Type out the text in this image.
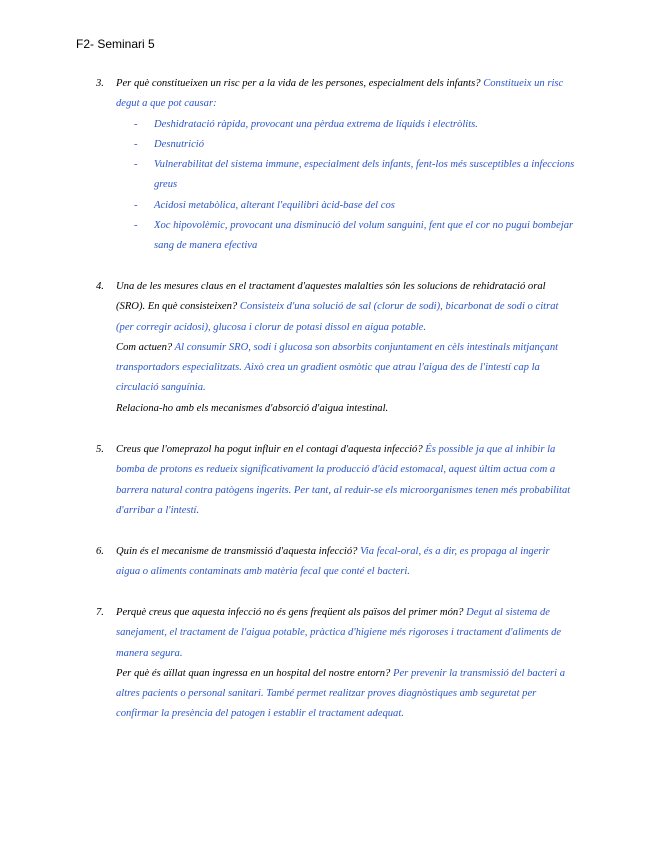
F2- Seminari 5
3. Per què constitueixen un risc per a la vida de les persones, especialment dels infants? Constitueix un risc degut a que pot causar:
- Deshidratació ràpida, provocant una pèrdua extrema de líquids i electròlits.
- Desnutrició
- Vulnerabilitat del sistema immune, especialment dels infants, fent-los més susceptibles a infeccions greus
- Acidosi metabòlica, alterant l'equilibri àcid-base del cos
- Xoc hipovolèmic, provocant una disminució del volum sanguini, fent que el cor no pugui bombejar sang de manera efectiva
4. Una de les mesures claus en el tractament d'aquestes malalties són les solucions de rehidratació oral (SRO). En què consisteixen? Consisteix d'una solució de sal (clorur de sodi), bicarbonat de sodi o citrat (per corregir acidosi), glucosa i clorur de potasi dissol en aigua potable.
Com actuen? Al consumir SRO, sodi i glucosa son absorbits conjuntament en cèls intestinals mitjançant transportadors especialitzats. Això crea un gradient osmòtic que atrau l'aigua des de l'intestí cap la circulació sanguínia.
Relaciona-ho amb els mecanismes d'absorció d'aigua intestinal.
5. Creus que l'omeprazol ha pogut influir en el contagi d'aquesta infecció? És possible ja que al inhibir la bomba de protons es redueix significativament la producció d'àcid estomacal, aquest últim actua com a barrera natural contra patògens ingerits. Per tant, al reduir-se els microorganismes tenen més probabilitat d'arribar a l'intestí.
6. Quin és el mecanisme de transmissió d'aquesta infecció? Via fecal-oral, és a dir, es propaga al ingerir aigua o aliments contaminats amb matèria fecal que conté el bacteri.
7. Perquè creus que aquesta infecció no és gens freqüent als països del primer món? Degut al sistema de sanejament, el tractament de l'aigua potable, pràctica d'higiene més rigoroses i tractament d'aliments de manera segura.
Per què és aïllat quan ingressa en un hospital del nostre entorn? Per prevenir la transmissió del bacteri a altres pacients o personal sanitari. També permet realitzar proves diagnòstiques amb seguretat per confirmar la presència del patogen i establir el tractament adequat.
